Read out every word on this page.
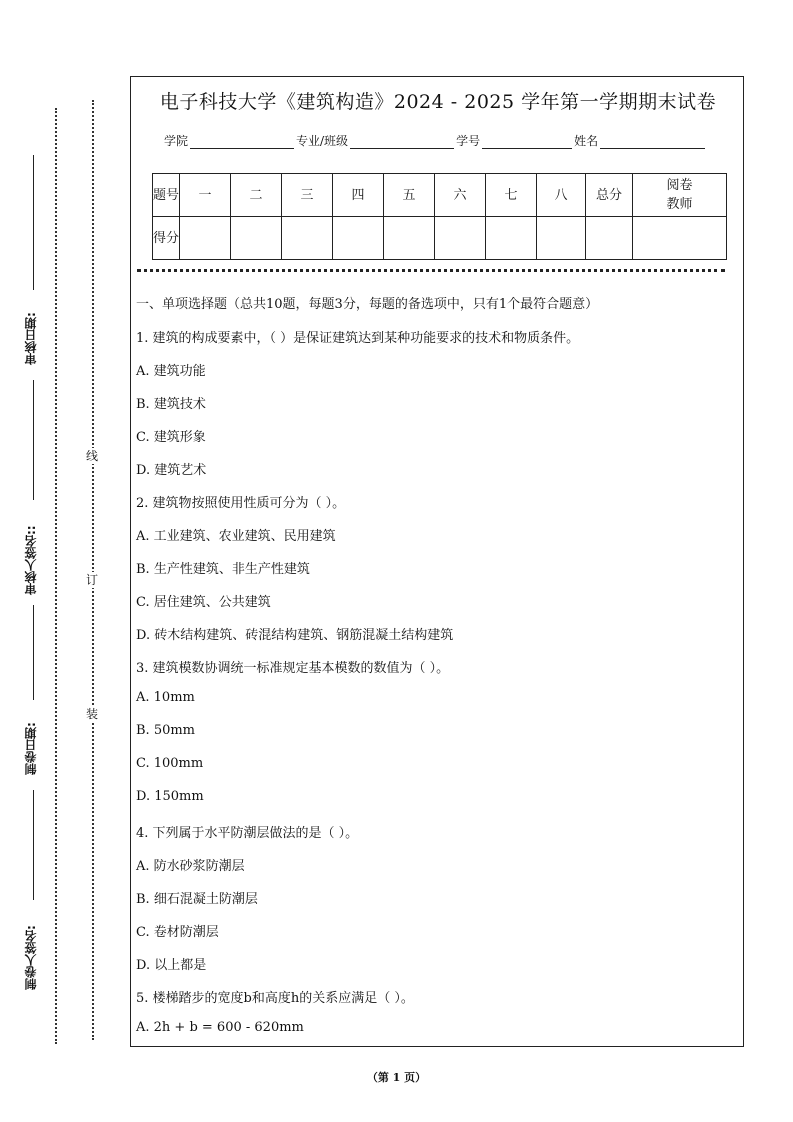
审核日期:
审核人签名::
制卷日期:
制卷人签名:
线
订
装
电子科技大学《建筑构造》2024 - 2025 学年第一学期期末试卷
学院	专业/班级	学号	姓名
题号	一	二	三	四	五	六	七	八	总分	阅卷教师
得分										
一、单项选择题（总共10题，每题3分，每题的备选项中，只有1个最符合题意）
1. 建筑的构成要素中，（ ）是保证建筑达到某种功能要求的技术和物质条件。
A. 建筑功能
B. 建筑技术
C. 建筑形象
D. 建筑艺术
2. 建筑物按照使用性质可分为（ ）。
A. 工业建筑、农业建筑、民用建筑
B. 生产性建筑、非生产性建筑
C. 居住建筑、公共建筑
D. 砖木结构建筑、砖混结构建筑、钢筋混凝土结构建筑
3. 建筑模数协调统一标准规定基本模数的数值为（ ）。
A. 10mm
B. 50mm
C. 100mm
D. 150mm
4. 下列属于水平防潮层做法的是（ ）。
A. 防水砂浆防潮层
B. 细石混凝土防潮层
C. 卷材防潮层
D. 以上都是
5. 楼梯踏步的宽度b和高度h的关系应满足（ ）。
A. 2h + b = 600 - 620mm
（第 1 页）
